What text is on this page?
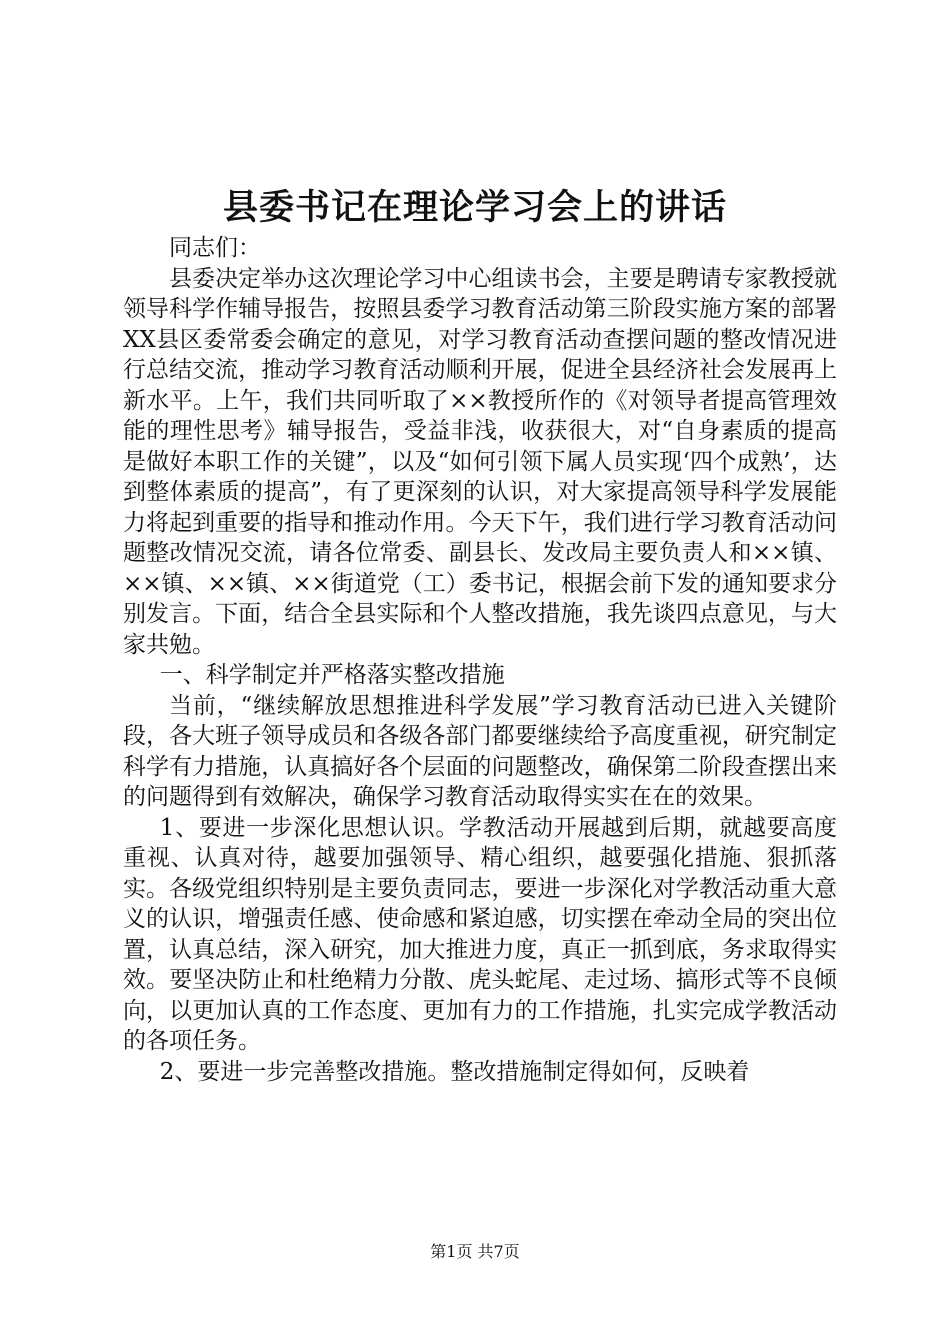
县委书记在理论学习会上的讲话

同志们：

县委决定举办这次理论学习中心组读书会，主要是聘请专家教授就领导科学作辅导报告，按照县委学习教育活动第三阶段实施方案的部署XX县区委常委会确定的意见，对学习教育活动查摆问题的整改情况进行总结交流，推动学习教育活动顺利开展，促进全县经济社会发展再上新水平。上午，我们共同听取了××教授所作的《对领导者提高管理效能的理性思考》辅导报告，受益非浅，收获很大，对“自身素质的提高是做好本职工作的关键”，以及“如何引领下属人员实现‘四个成熟’，达到整体素质的提高”，有了更深刻的认识，对大家提高领导科学发展能力将起到重要的指导和推动作用。今天下午，我们进行学习教育活动问题整改情况交流，请各位常委、副县长、发改局主要负责人和××镇、××镇、××镇、××街道党（工）委书记，根据会前下发的通知要求分别发言。下面，结合全县实际和个人整改措施，我先谈四点意见，与大家共勉。

一、科学制定并严格落实整改措施

当前，“继续解放思想推进科学发展”学习教育活动已进入关键阶段，各大班子领导成员和各级各部门都要继续给予高度重视，研究制定科学有力措施，认真搞好各个层面的问题整改，确保第二阶段查摆出来的问题得到有效解决，确保学习教育活动取得实实在在的效果。

1、要进一步深化思想认识。学教活动开展越到后期，就越要高度重视、认真对待，越要加强领导、精心组织，越要强化措施、狠抓落实。各级党组织特别是主要负责同志，要进一步深化对学教活动重大意义的认识，增强责任感、使命感和紧迫感，切实摆在牵动全局的突出位置，认真总结，深入研究，加大推进力度，真正一抓到底，务求取得实效。要坚决防止和杜绝精力分散、虎头蛇尾、走过场、搞形式等不良倾向，以更加认真的工作态度、更加有力的工作措施，扎实完成学教活动的各项任务。

2、要进一步完善整改措施。整改措施制定得如何，反映着

第1页 共7页
